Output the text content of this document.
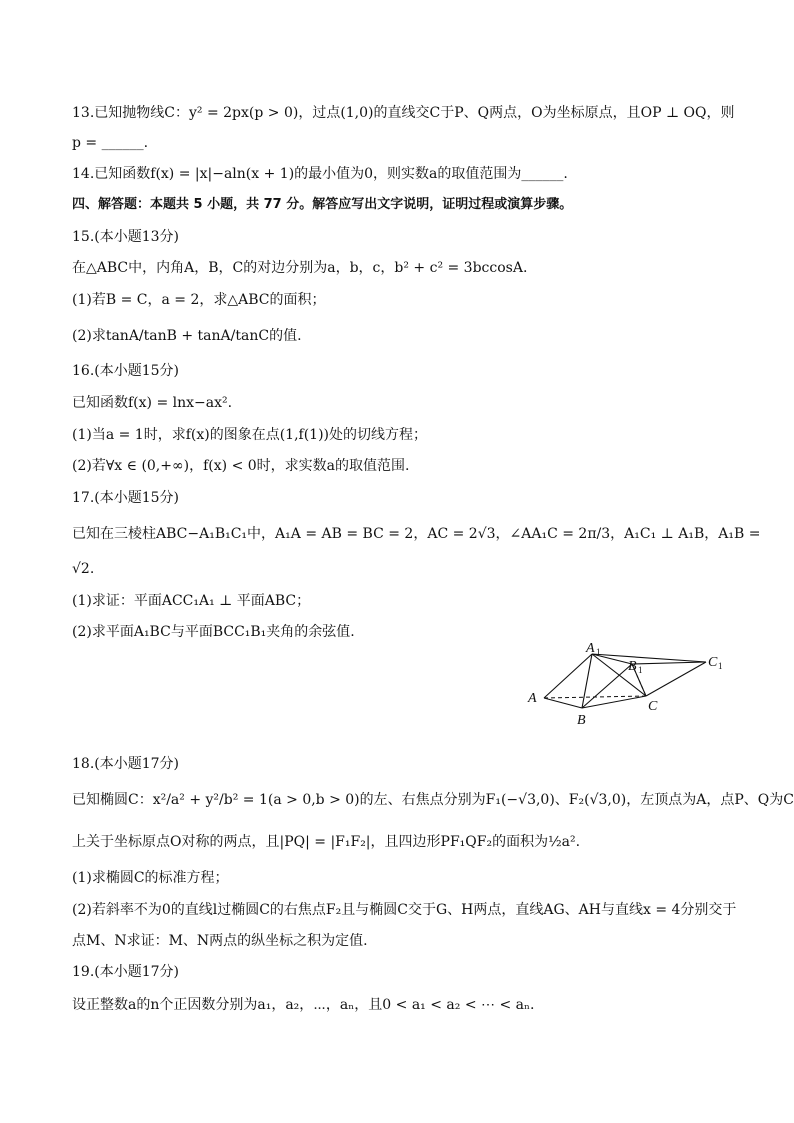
13.已知抛物线C：y² = 2px(p > 0)，过点(1,0)的直线交C于P、Q两点，O为坐标原点，且OP ⊥ OQ，则
p = ______.
14.已知函数f(x) = |x|−aln(x + 1)的最小值为0，则实数a的取值范围为______.
四、解答题：本题共 5 小题，共 77 分。解答应写出文字说明，证明过程或演算步骤。
15.(本小题13分)
在△ABC中，内角A，B，C的对边分别为a，b，c，b² + c² = 3bccosA.
(1)若B = C，a = 2，求△ABC的面积；
(2)求tanA/tanB + tanA/tanC的值.
16.(本小题15分)
已知函数f(x) = lnx−ax².
(1)当a = 1时，求f(x)的图象在点(1,f(1))处的切线方程；
(2)若∀x ∈ (0,+∞)，f(x) < 0时，求实数a的取值范围.
17.(本小题15分)
已知在三棱柱ABC−A₁B₁C₁中，A₁A = AB = BC = 2，AC = 2√3，∠AA₁C = 2π/3，A₁C₁ ⊥ A₁B，A₁B =
√2.
(1)求证：平面ACC₁A₁ ⊥ 平面ABC；
(2)求平面A₁BC与平面BCC₁B₁夹角的余弦值.
A
B
C
A 1
B 1	C 1
18.(本小题17分)
已知椭圆C：x²/a² + y²/b² = 1(a > 0,b > 0)的左、右焦点分别为F₁(−√3,0)、F₂(√3,0)，左顶点为A，点P、Q为C
上关于坐标原点O对称的两点，且|PQ| = |F₁F₂|，且四边形PF₁QF₂的面积为½a².
(1)求椭圆C的标准方程；
(2)若斜率不为0的直线l过椭圆C的右焦点F₂且与椭圆C交于G、H两点，直线AG、AH与直线x = 4分别交于
点M、N求证：M、N两点的纵坐标之积为定值.
19.(本小题17分)
设正整数a的n个正因数分别为a₁，a₂，⋯，aₙ，且0 < a₁ < a₂ < ⋯ < aₙ.
